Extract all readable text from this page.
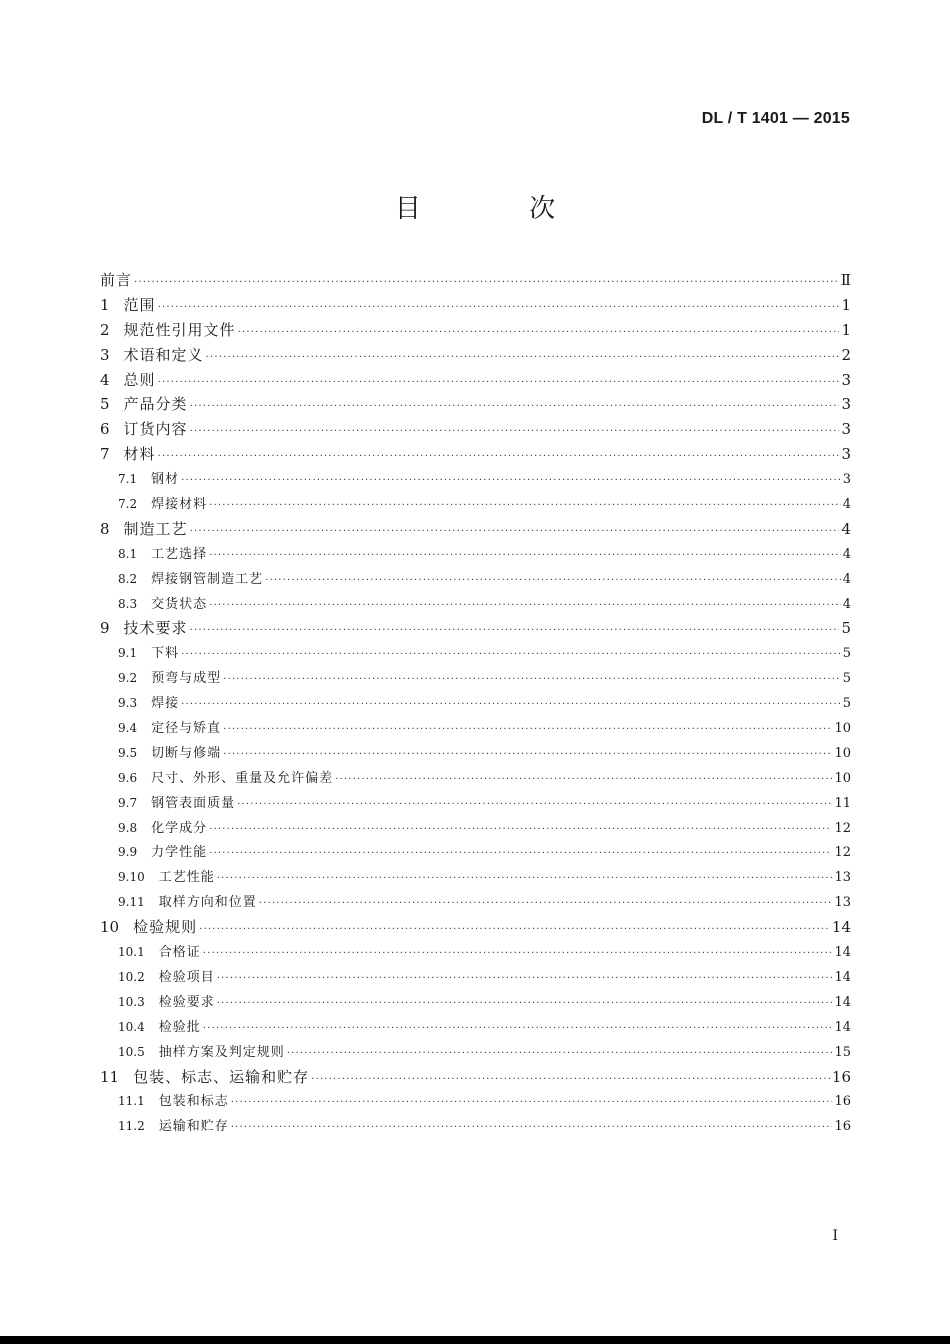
DL / T 1401 — 2015
目 次
前言 ·····	Ⅱ
1 范围 ·····	1
2 规范性引用文件 ·····	1
3 术语和定义 ·····	2
4 总则 ·····	3
5 产品分类 ·····	3
6 订货内容 ·····	3
7 材料 ·····	3
7.1 钢材 ·····	3
7.2 焊接材料 ·····	4
8 制造工艺 ·····	4
8.1 工艺选择 ·····	4
8.2 焊接钢管制造工艺 ·····	4
8.3 交货状态 ·····	4
9 技术要求 ·····	5
9.1 下料 ·····	5
9.2 预弯与成型 ·····	5
9.3 焊接 ·····	5
9.4 定径与矫直 ·····	10
9.5 切断与修端 ·····	10
9.6 尺寸、外形、重量及允许偏差 ·····	10
9.7 钢管表面质量 ·····	11
9.8 化学成分 ·····	12
9.9 力学性能 ·····	12
9.10 工艺性能 ·····	13
9.11 取样方向和位置 ·····	13
10 检验规则 ·····	14
10.1 合格证 ·····	14
10.2 检验项目 ·····	14
10.3 检验要求 ·····	14
10.4 检验批 ·····	14
10.5 抽样方案及判定规则 ·····	15
11 包装、标志、运输和贮存 ·····	16
11.1 包装和标志 ·····	16
11.2 运输和贮存 ·····	16
I
